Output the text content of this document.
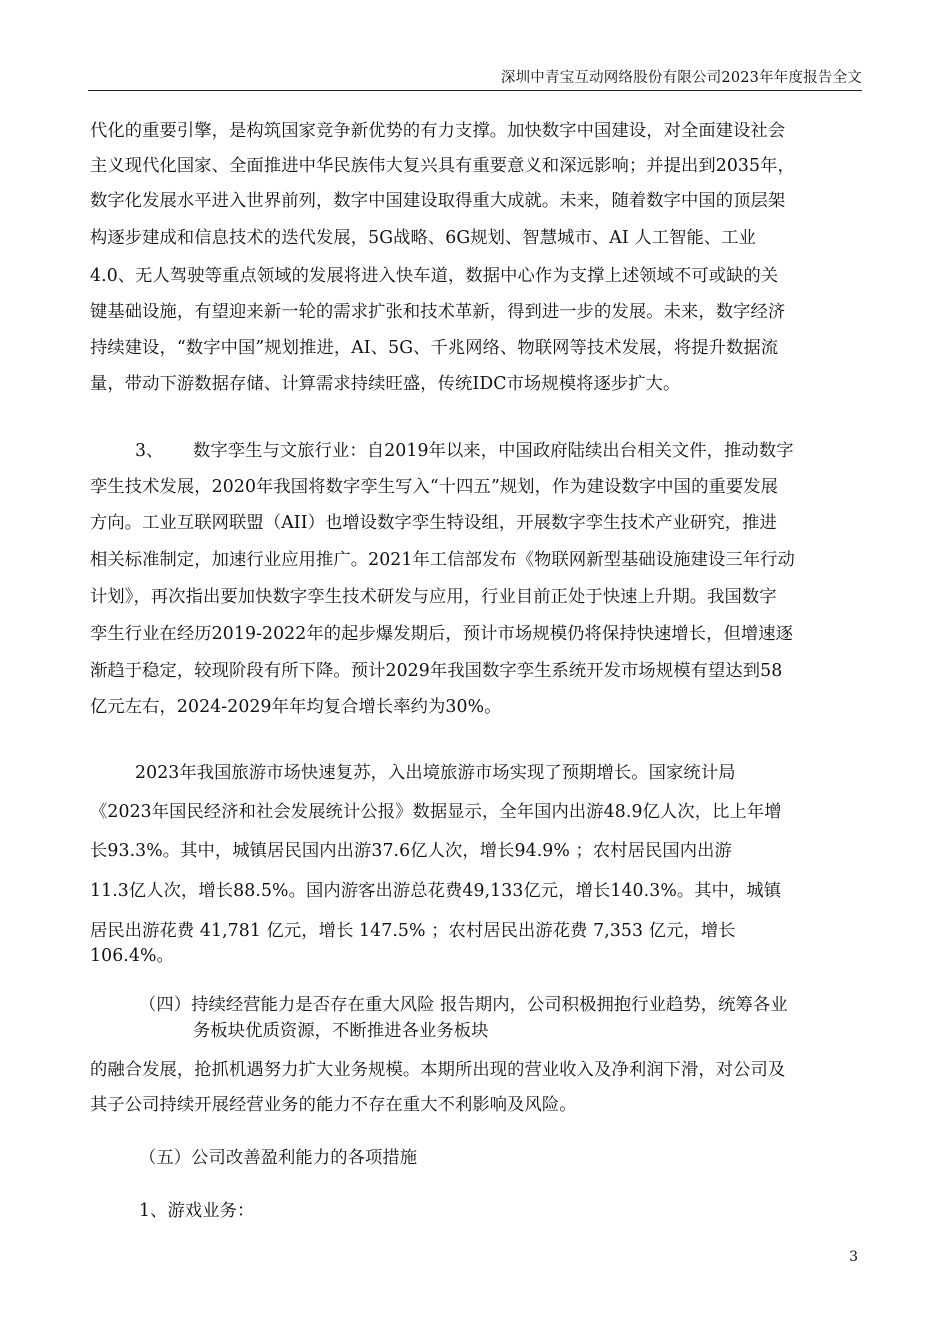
深圳中青宝互动网络股份有限公司2023年年度报告全文
代化的重要引擎，是构筑国家竞争新优势的有力支撑。加快数字中国建设，对全面建设社会
主义现代化国家、全面推进中华民族伟大复兴具有重要意义和深远影响；并提出到2035年，
数字化发展水平进入世界前列，数字中国建设取得重大成就。未来，随着数字中国的顶层架
构逐步建成和信息技术的迭代发展，5G战略、6G规划、智慧城市、AI 人工智能、工业
4.0、无人驾驶等重点领域的发展将进入快车道，数据中心作为支撑上述领域不可或缺的关
键基础设施，有望迎来新一轮的需求扩张和技术革新，得到进一步的发展。未来，数字经济
持续建设，“数字中国”规划推进，AI、5G、千兆网络、物联网等技术发展，将提升数据流
量，带动下游数据存储、计算需求持续旺盛，传统IDC市场规模将逐步扩大。
3、 数字孪生与文旅行业：自2019年以来，中国政府陆续出台相关文件，推动数字
孪生技术发展，2020年我国将数字孪生写入“十四五”规划，作为建设数字中国的重要发展
方向。工业互联网联盟（AII）也增设数字孪生特设组，开展数字孪生技术产业研究，推进
相关标准制定，加速行业应用推广。2021年工信部发布《物联网新型基础设施建设三年行动
计划》，再次指出要加快数字孪生技术研发与应用，行业目前正处于快速上升期。我国数字
孪生行业在经历2019-2022年的起步爆发期后，预计市场规模仍将保持快速增长，但增速逐
渐趋于稳定，较现阶段有所下降。预计2029年我国数字孪生系统开发市场规模有望达到58
亿元左右，2024-2029年年均复合增长率约为30%。
2023年我国旅游市场快速复苏，入出境旅游市场实现了预期增长。国家统计局
《2023年国民经济和社会发展统计公报》数据显示，全年国内出游48.9亿人次，比上年增
长93.3%。其中，城镇居民国内出游37.6亿人次，增长94.9% ；农村居民国内出游
11.3亿人次，增长88.5%。国内游客出游总花费49,133亿元，增长140.3%。其中，城镇
居民出游花费 41,781 亿元，增长 147.5% ；农村居民出游花费 7,353 亿元，增长
106.4%。
（四）持续经营能力是否存在重大风险 报告期内，公司积极拥抱行业趋势，统筹各业
务板块优质资源，不断推进各业务板块
的融合发展，抢抓机遇努力扩大业务规模。本期所出现的营业收入及净利润下滑，对公司及
其子公司持续开展经营业务的能力不存在重大不利影响及风险。
（五）公司改善盈利能力的各项措施
1、游戏业务：
3
